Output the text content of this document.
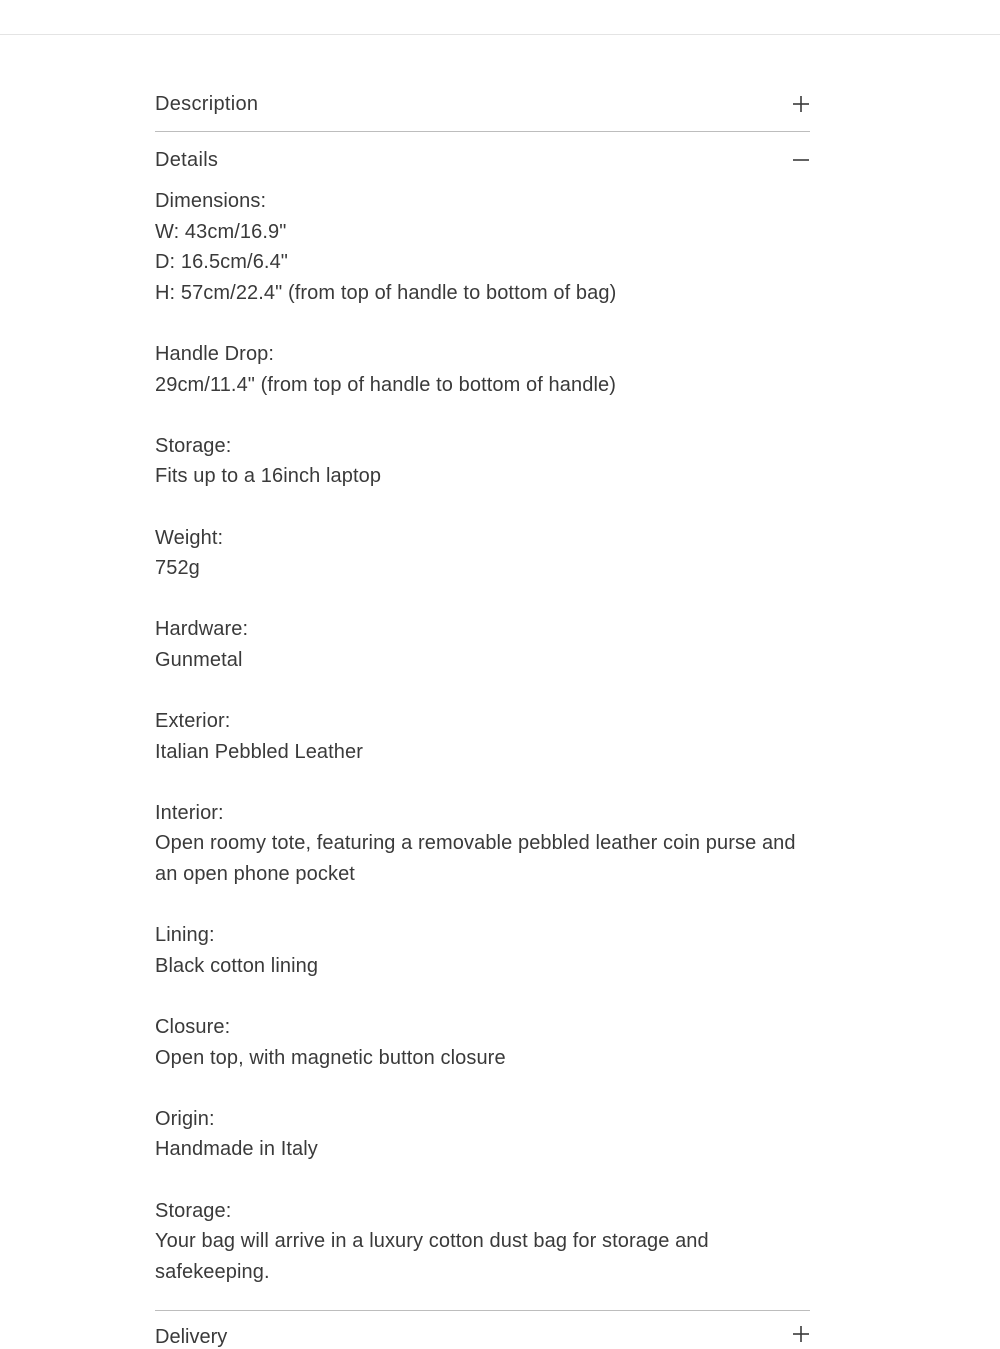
Description
Details
Dimensions:
W: 43cm/16.9"
D: 16.5cm/6.4"
H: 57cm/22.4" (from top of handle to bottom of bag)
Handle Drop:
29cm/11.4" (from top of handle to bottom of handle)
Storage:
Fits up to a 16inch laptop
Weight:
752g
Hardware:
Gunmetal
Exterior:
Italian Pebbled Leather
Interior:
Open roomy tote, featuring a removable pebbled leather coin purse and an open phone pocket
Lining:
Black cotton lining
Closure:
Open top, with magnetic button closure
Origin:
Handmade in Italy
Storage:
Your bag will arrive in a luxury cotton dust bag for storage and safekeeping.
Delivery
